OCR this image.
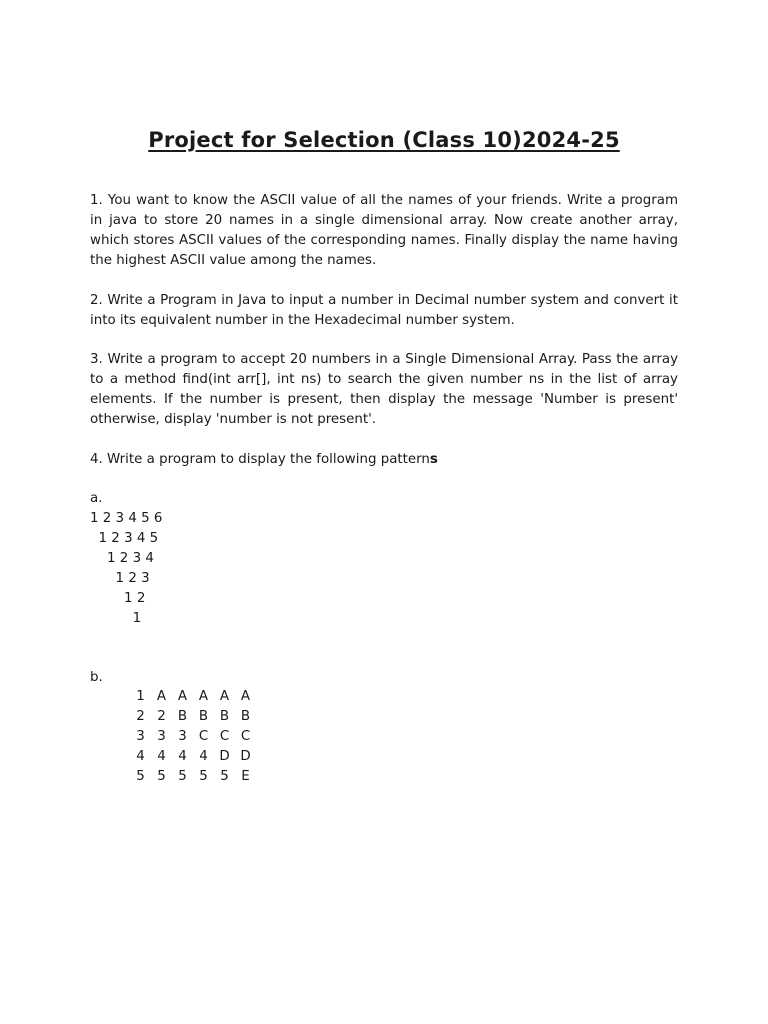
Project for Selection (Class 10)2024-25

1. You want to know the ASCII value of all the names of your friends. Write a program in java to store 20 names in a single dimensional array. Now create another array, which stores ASCII values of the corresponding names. Finally display the name having the highest ASCII value among the names.

2. Write a Program in Java to input a number in Decimal number system and convert it into its equivalent number in the Hexadecimal number system.

3. Write a program to accept 20 numbers in a Single Dimensional Array. Pass the array to a method find(int arr[], int ns) to search the given number ns in the list of array elements. If the number is present, then display the message 'Number is present' otherwise, display 'number is not present'.

4. Write a program to display the following patterns

a.
1 2 3 4 5 6
1 2 3 4 5
1 2 3 4
1 2 3
1 2
1
b.
1 A A A A A
2 2 B B B B
3 3 3 C C C
4 4 4 4 D D
5 5 5 5 5 E
